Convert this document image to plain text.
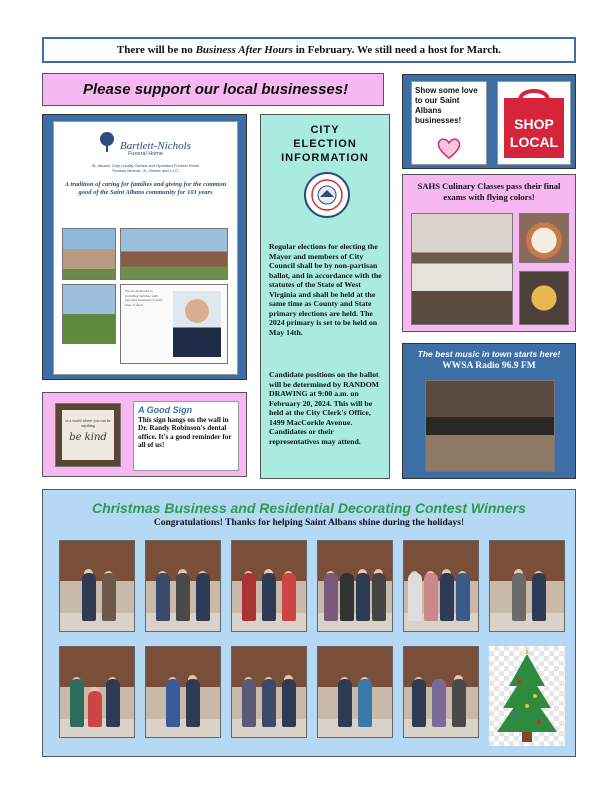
There will be no Business After Hours in February. We still need a host for March.
Please support our local businesses!
Bartlett-Nichols
Funeral Home
St. Albans' Only Locally Owned and Operated Funeral Home
Thomas Nichols, Jr., Owner and L.I.C.
A tradition of caring for families and giving for the common good of the Saint Albans community for 101 years
We are dedicated to providing families with personal assistance in their time of need.
CITY ELECTION INFORMATION

Regular elections for electing the Mayor and members of City Council shall be by non-partisan ballot, and in accordance with the statutes of the State of West Virginia and shall be held at the same time as County and State primary elections are held. The 2024 primary is set to be held on May 14th.

Candidate positions on the ballot will be determined by RANDOM DRAWING at 9:00 a.m. on February 20, 2024. This will be held at the City Clerk's Office, 1499 MacCorkle Avenue. Candidates or their representatives may attend.

Show some love to our Saint Albans businesses!	SHOP
LOCAL
SAHS Culinary Classes pass their final exams with flying colors!
The best music in town starts here!
WWSA Radio 96.9 FM
in a world where you can be anything
be kind
A Good Sign
This sign hangs on the wall in Dr. Randy Robinson's dental office. It's a good reminder for all of us!
Christmas Business and Residential Decorating Contest Winners
Congratulations! Thanks for helping Saint Albans shine during the holidays!
